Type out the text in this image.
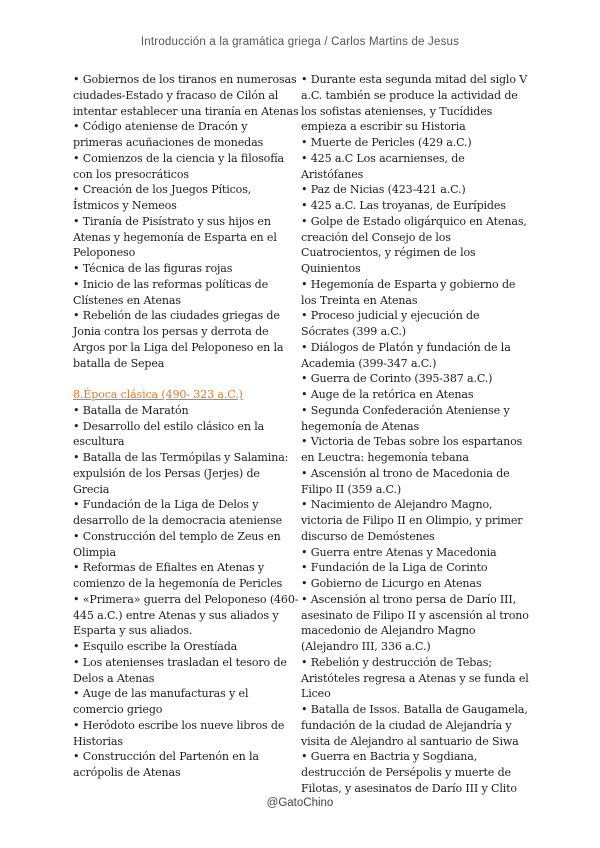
Introducción a la gramática griega / Carlos Martins de Jesus

• Gobiernos de los tiranos en numerosas ciudades-Estado y fracaso de Cilón al intentar establecer una tiranía en Atenas

• Código ateniense de Dracón y primeras acuñaciones de monedas

• Comienzos de la ciencia y la filosofía con los presocráticos

• Creación de los Juegos Píticos, Ístmicos y Nemeos

• Tiranía de Pisístrato y sus hijos en Atenas y hegemonía de Esparta en el Peloponeso

• Técnica de las figuras rojas

• Inicio de las reformas políticas de Clístenes en Atenas

• Rebelión de las ciudades griegas de Jonia contra los persas y derrota de Argos por la Liga del Peloponeso en la batalla de Sepea

8.Época clásica (490- 323 a.C.)

• Batalla de Maratón

• Desarrollo del estilo clásico en la escultura

• Batalla de las Termópilas y Salamina: expulsión de los Persas (Jerjes) de Grecia

• Fundación de la Liga de Delos y desarrollo de la democracia ateniense

• Construcción del templo de Zeus en Olimpia

• Reformas de Efialtes en Atenas y comienzo de la hegemonía de Pericles

• «Primera» guerra del Peloponeso (460- 445 a.C.) entre Atenas y sus aliados y Esparta y sus aliados.

• Esquilo escribe la Orestíada

• Los atenienses trasladan el tesoro de Delos a Atenas

• Auge de las manufacturas y el comercio griego

• Heródoto escribe los nueve libros de Historias

• Construcción del Partenón en la acrópolis de Atenas

• Durante esta segunda mitad del siglo V a.C. también se produce la actividad de los sofistas atenienses, y Tucídides empieza a escribir su Historia

• Muerte de Pericles (429 a.C.)

• 425 a.C Los acarnienses, de Aristófanes

• Paz de Nicias (423-421 a.C.)

• 425 a.C. Las troyanas, de Eurípides

• Golpe de Estado oligárquico en Atenas, creación del Consejo de los Cuatrocientos, y régimen de los Quinientos

• Hegemonía de Esparta y gobierno de los Treinta en Atenas

• Proceso judicial y ejecución de Sócrates (399 a.C.)

• Diálogos de Platón y fundación de la Academia (399-347 a.C.)

• Guerra de Corinto (395-387 a.C.)

• Auge de la retórica en Atenas

• Segunda Confederación Ateniense y hegemonía de Atenas

• Victoria de Tebas sobre los espartanos en Leuctra: hegemonía tebana

• Ascensión al trono de Macedonia de Filipo II (359 a.C.)

• Nacimiento de Alejandro Magno, victoria de Filipo II en Olimpio, y primer discurso de Demóstenes

• Guerra entre Atenas y Macedonia

• Fundación de la Liga de Corinto

• Gobierno de Licurgo en Atenas

• Ascensión al trono persa de Darío III, asesinato de Filipo II y ascensión al trono macedonio de Alejandro Magno (Alejandro III, 336 a.C.)

• Rebelión y destrucción de Tebas; Aristóteles regresa a Atenas y se funda el Liceo

• Batalla de Issos. Batalla de Gaugamela, fundación de la ciudad de Alejandría y visita de Alejandro al santuario de Siwa

• Guerra en Bactria y Sogdiana, destrucción de Persépolis y muerte de Filotas, y asesinatos de Darío III y Clito

@GatoChino
